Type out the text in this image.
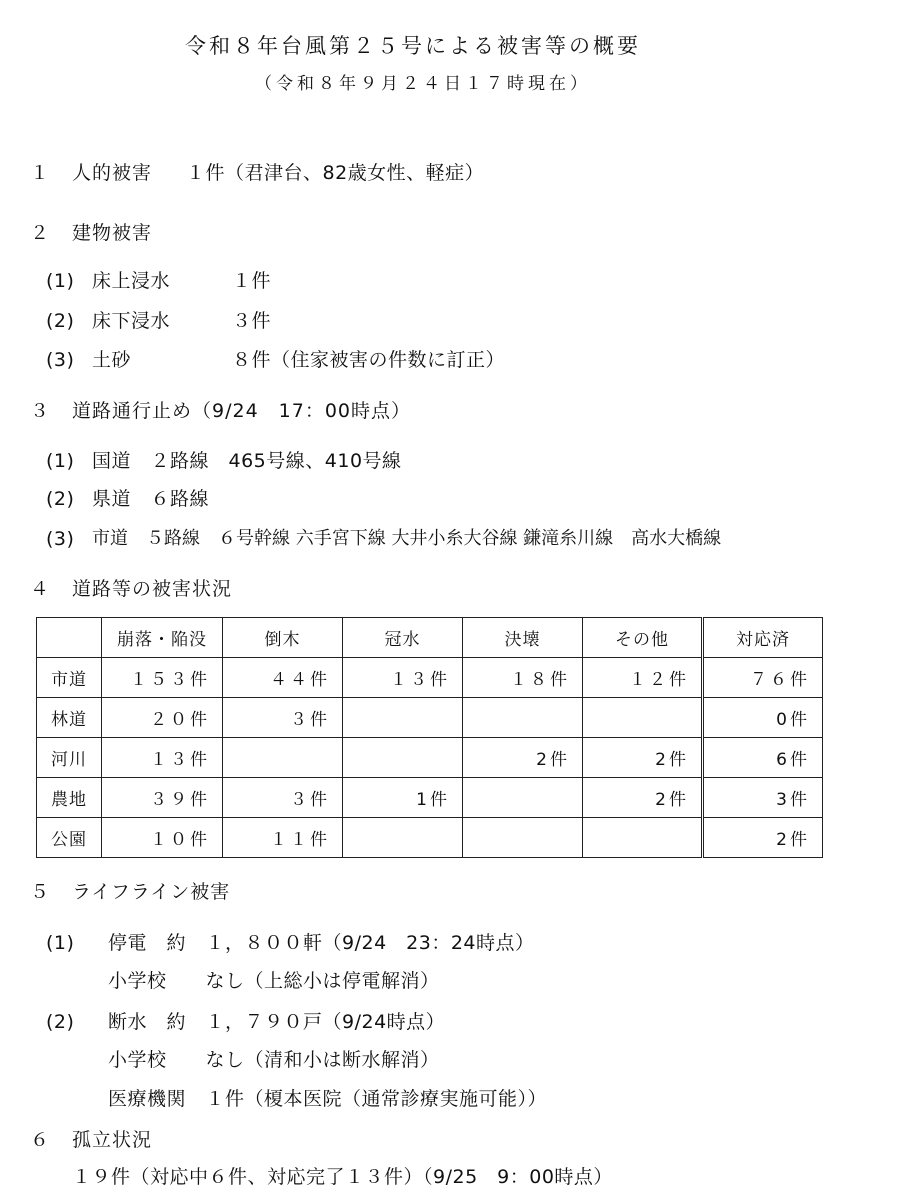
令和８年台風第２５号による被害等の概要
（令和８年９月２４日１７時現在）
１ 人的被害 １件（君津台、82歳女性、軽症）
２ 建物被害
(1) 床上浸水	１件
(2) 床下浸水	３件
(3) 土砂	８件（住家被害の件数に訂正）
３ 道路通行止め（9/24　17：00時点）
(1) 国道　２路線　465号線、410号線
(2) 県道　６路線
(3) 市道　５路線　６号幹線 六手宮下線 大井小糸大谷線 鎌滝糸川線　高水大橋線
４ 道路等の被害状況
	崩落・陥没	倒木	冠水	決壊	その他	対応済
市道	１５３件	４４件	１３件	１８件	１２件	７６件
林道	２０件	３件				0件
河川	１３件			2件	2件	6件
農地	３９件	３件	1件		2件	3件
公園	１０件	１１件				2件
５ ライフライン被害
(1) 停電　約　１，８００軒（9/24　23：24時点）
小学校　　なし（上総小は停電解消）
(2) 断水　約　１，７９０戸（9/24時点）
小学校　　なし（清和小は断水解消）
医療機関　１件（榎本医院（通常診療実施可能））
６ 孤立状況
１９件（対応中６件、対応完了１３件）（9/25　9：00時点）
